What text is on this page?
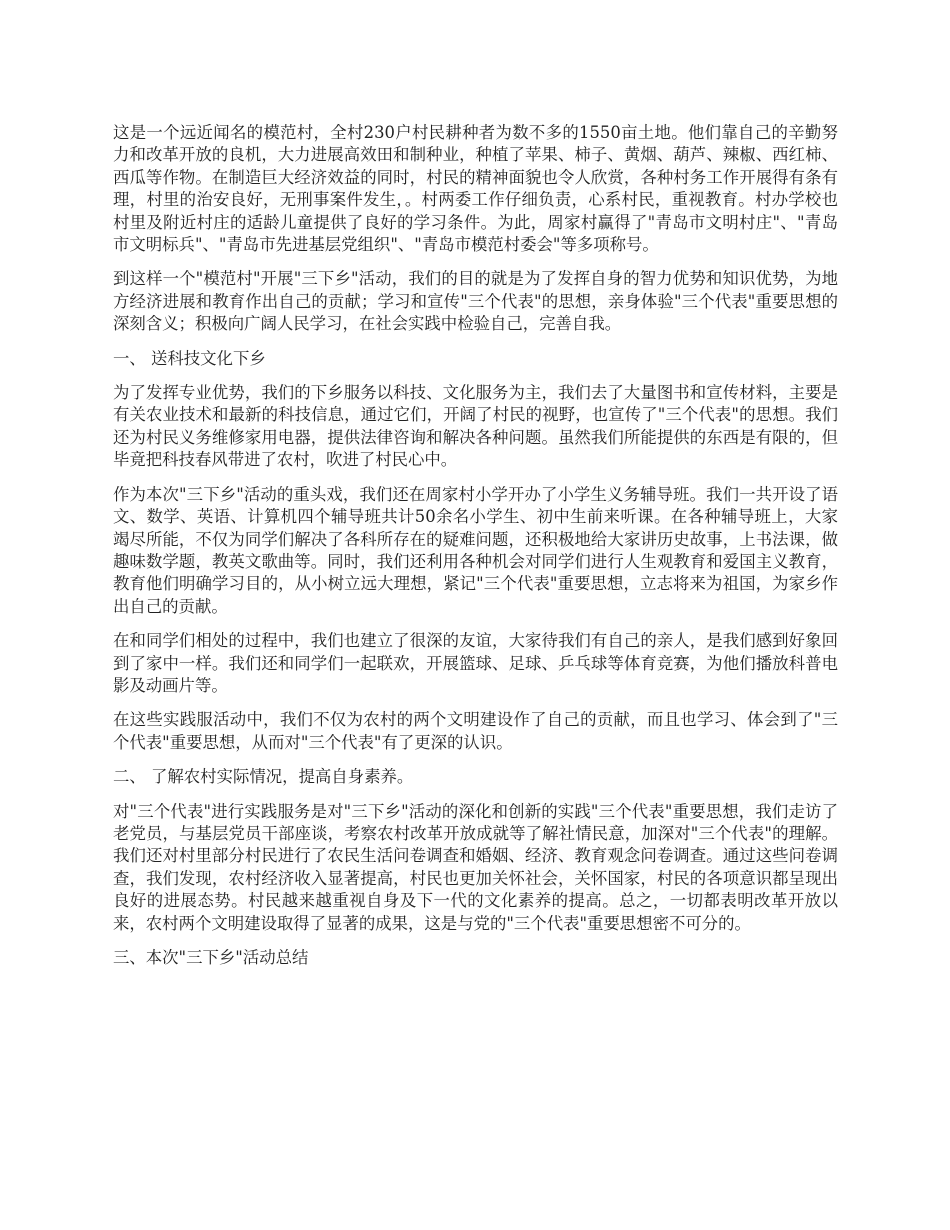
这是一个远近闻名的模范村，全村230户村民耕种者为数不多的1550亩土地。他们靠自己的辛勤努力和改革开放的良机，大力进展高效田和制种业，种植了苹果、柿子、黄烟、葫芦、辣椒、西红柿、西瓜等作物。在制造巨大经济效益的同时，村民的精神面貌也令人欣赏，各种村务工作开展得有条有理，村里的治安良好，无刑事案件发生，。村两委工作仔细负责，心系村民，重视教育。村办学校也村里及附近村庄的适龄儿童提供了良好的学习条件。为此，周家村赢得了"青岛市文明村庄"、"青岛市文明标兵"、"青岛市先进基层党组织"、"青岛市模范村委会"等多项称号。

到这样一个"模范村"开展"三下乡"活动，我们的目的就是为了发挥自身的智力优势和知识优势，为地方经济进展和教育作出自己的贡献；学习和宣传"三个代表"的思想，亲身体验"三个代表"重要思想的深刻含义；积极向广阔人民学习，在社会实践中检验自己，完善自我。

一、 送科技文化下乡

为了发挥专业优势，我们的下乡服务以科技、文化服务为主，我们去了大量图书和宣传材料，主要是有关农业技术和最新的科技信息，通过它们，开阔了村民的视野，也宣传了"三个代表"的思想。我们还为村民义务维修家用电器，提供法律咨询和解决各种问题。虽然我们所能提供的东西是有限的，但毕竟把科技春风带进了农村，吹进了村民心中。

作为本次"三下乡"活动的重头戏，我们还在周家村小学开办了小学生义务辅导班。我们一共开设了语文、数学、英语、计算机四个辅导班共计50余名小学生、初中生前来听课。在各种辅导班上，大家竭尽所能，不仅为同学们解决了各科所存在的疑难问题，还积极地给大家讲历史故事，上书法课，做趣味数学题，教英文歌曲等。同时，我们还利用各种机会对同学们进行人生观教育和爱国主义教育，教育他们明确学习目的，从小树立远大理想，紧记"三个代表"重要思想，立志将来为祖国，为家乡作出自己的贡献。

在和同学们相处的过程中，我们也建立了很深的友谊，大家待我们有自己的亲人，是我们感到好象回到了家中一样。我们还和同学们一起联欢，开展篮球、足球、乒乓球等体育竞赛，为他们播放科普电影及动画片等。

在这些实践服活动中，我们不仅为农村的两个文明建设作了自己的贡献，而且也学习、体会到了"三个代表"重要思想，从而对"三个代表"有了更深的认识。

二、 了解农村实际情况，提高自身素养。

对"三个代表"进行实践服务是对"三下乡"活动的深化和创新的实践"三个代表"重要思想，我们走访了老党员，与基层党员干部座谈，考察农村改革开放成就等了解社情民意，加深对"三个代表"的理解。我们还对村里部分村民进行了农民生活问卷调查和婚姻、经济、教育观念问卷调查。通过这些问卷调查，我们发现，农村经济收入显著提高，村民也更加关怀社会，关怀国家，村民的各项意识都呈现出良好的进展态势。村民越来越重视自身及下一代的文化素养的提高。总之，一切都表明改革开放以来，农村两个文明建设取得了显著的成果，这是与党的"三个代表"重要思想密不可分的。

三、本次"三下乡"活动总结
